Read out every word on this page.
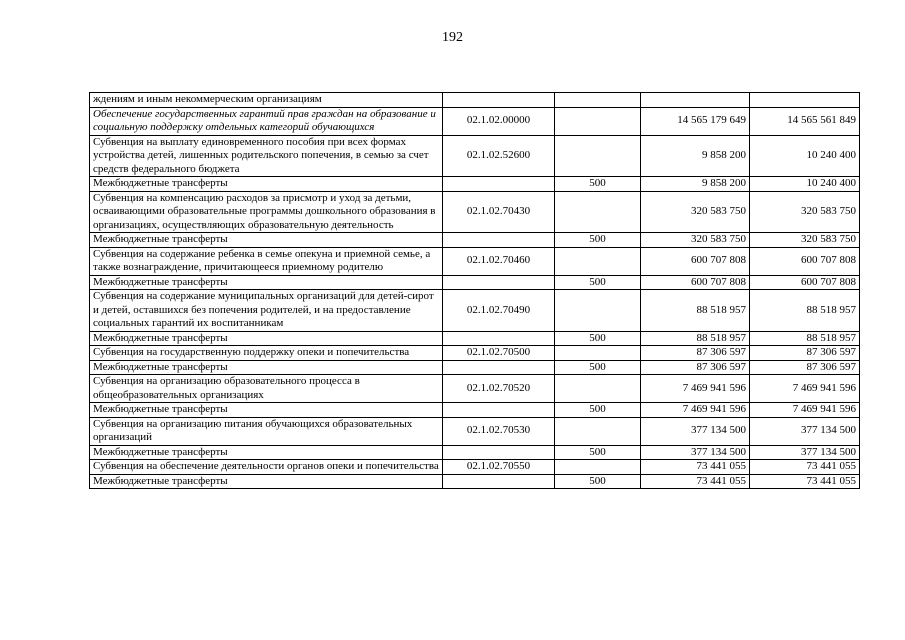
192
ждениям и иным некоммерческим организациям				
Обеспечение государственных гарантий прав граждан на образование и социальную поддержку отдельных категорий обучающихся	02.1.02.00000		14 565 179 649	14 565 561 849
Субвенция на выплату единовременного пособия при всех формах устройства детей, лишенных родительского попечения, в семью за счет средств федерального бюджета	02.1.02.52600		9 858 200	10 240 400
Межбюджетные трансферты		500	9 858 200	10 240 400
Субвенция на компенсацию расходов за присмотр и уход за детьми, осваивающими образовательные программы дошкольного образования в организациях, осуществляющих образовательную деятельность	02.1.02.70430		320 583 750	320 583 750
Межбюджетные трансферты		500	320 583 750	320 583 750
Субвенция на содержание ребенка в семье опекуна и приемной семье, а также вознаграждение, причитающееся приемному родителю	02.1.02.70460		600 707 808	600 707 808
Межбюджетные трансферты		500	600 707 808	600 707 808
Субвенция на содержание муниципальных организаций для детей-сирот и детей, оставшихся без попечения родителей, и на предоставление социальных гарантий их воспитанникам	02.1.02.70490		88 518 957	88 518 957
Межбюджетные трансферты		500	88 518 957	88 518 957
Субвенция на государственную поддержку опеки и попечительства	02.1.02.70500		87 306 597	87 306 597
Межбюджетные трансферты		500	87 306 597	87 306 597
Субвенция на организацию образовательного процесса в общеобразовательных организациях	02.1.02.70520		7 469 941 596	7 469 941 596
Межбюджетные трансферты		500	7 469 941 596	7 469 941 596
Субвенция на организацию питания обучающихся образовательных организаций	02.1.02.70530		377 134 500	377 134 500
Межбюджетные трансферты		500	377 134 500	377 134 500
Субвенция на обеспечение деятельности органов опеки и попечительства	02.1.02.70550		73 441 055	73 441 055
Межбюджетные трансферты		500	73 441 055	73 441 055
